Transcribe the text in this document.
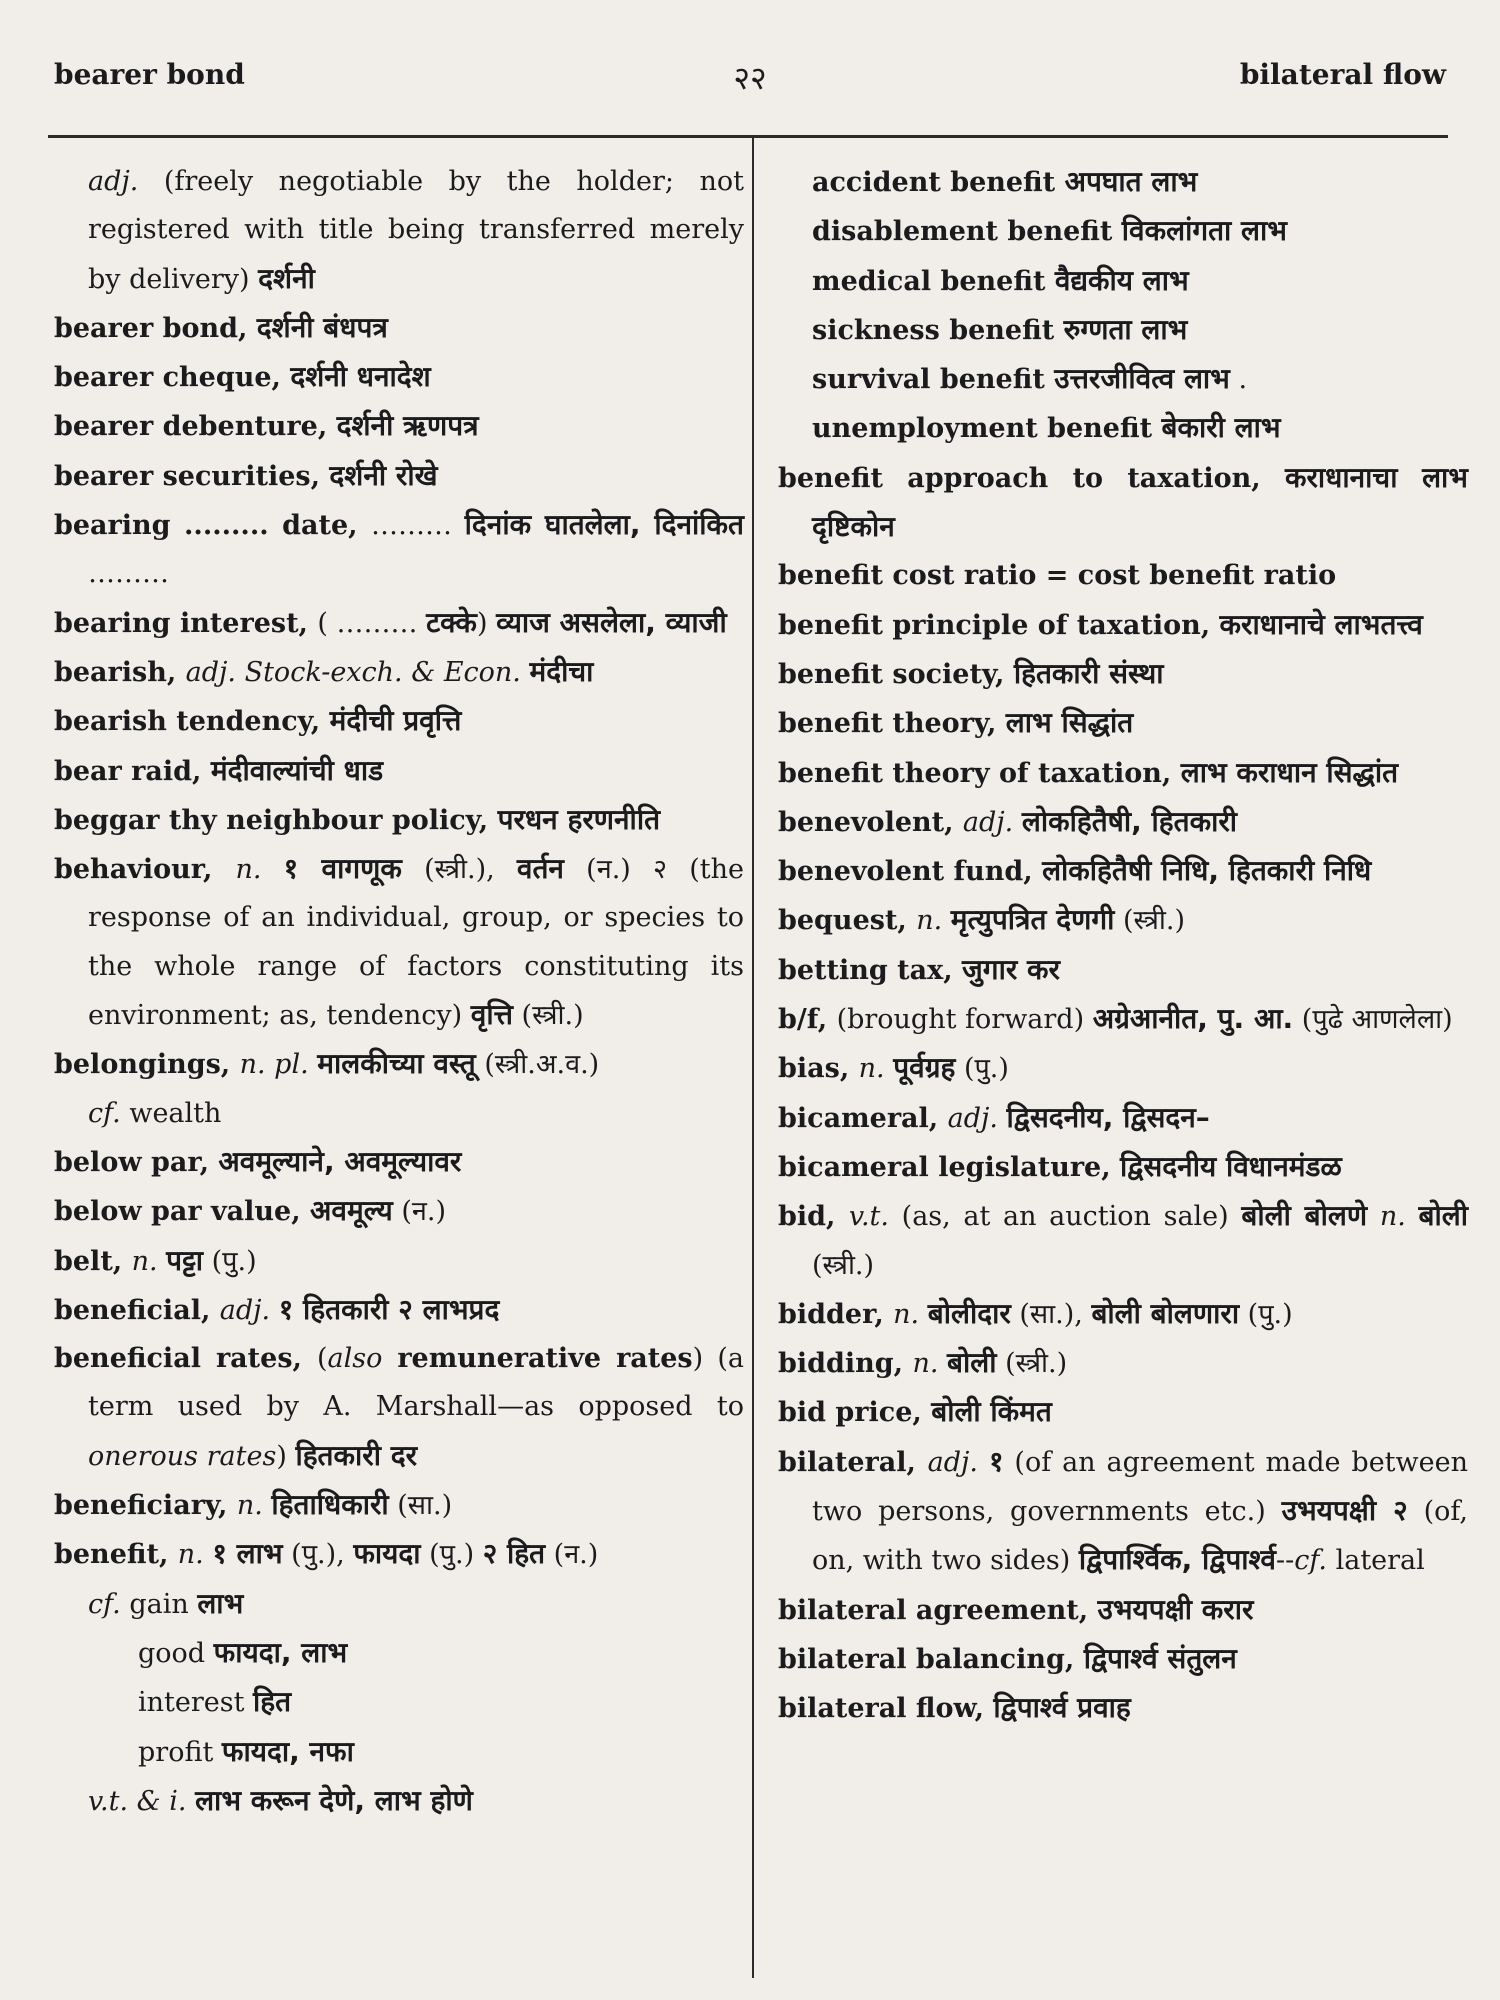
bearer bond	२२	bilateral flow

adj. (freely negotiable by the holder; not registered with title being transferred merely by delivery) दर्शनी

bearer bond, दर्शनी बंधपत्र

bearer cheque, दर्शनी धनादेश

bearer debenture, दर्शनी ऋणपत्र

bearer securities, दर्शनी रोखे

bearing ......... date, ……… दिनांक घातलेला, दिनांकित ………

bearing interest, ( ……… टक्के) व्याज असलेला, व्याजी

bearish, adj. Stock-exch. & Econ. मंदीचा

bearish tendency, मंदीची प्रवृत्ति

bear raid, मंदीवाल्यांची धाड

beggar thy neighbour policy, परधन हरणनीति

behaviour, n. १ वागणूक (स्त्री.), वर्तन (न.) २ (the response of an individual, group, or species to the whole range of factors constituting its environment; as, tendency) वृत्ति (स्त्री.)

belongings, n. pl. मालकीच्या वस्तू (स्त्री.अ.व.)

cf. wealth

below par, अवमूल्याने, अवमूल्यावर

below par value, अवमूल्य (न.)

belt, n. पट्टा (पु.)

beneficial, adj. १ हितकारी २ लाभप्रद

beneficial rates, (also remunerative rates) (a term used by A. Marshall—as opposed to onerous rates) हितकारी दर

beneficiary, n. हिताधिकारी (सा.)

benefit, n. १ लाभ (पु.), फायदा (पु.) २ हित (न.)

cf. gain लाभ

good फायदा, लाभ

interest हित

profit फायदा, नफा

v.t. & i. लाभ करून देणे, लाभ होणे

accident benefit अपघात लाभ

disablement benefit विकलांगता लाभ

medical benefit वैद्यकीय लाभ

sickness benefit रुग्णता लाभ

survival benefit उत्तरजीवित्व लाभ .

unemployment benefit बेकारी लाभ

benefit approach to taxation, कराधानाचा लाभ दृष्टिकोन

benefit cost ratio = cost benefit ratio

benefit principle of taxation, कराधानाचे लाभतत्त्व

benefit society, हितकारी संस्था

benefit theory, लाभ सिद्धांत

benefit theory of taxation, लाभ कराधान सिद्धांत

benevolent, adj. लोकहितैषी, हितकारी

benevolent fund, लोकहितैषी निधि, हितकारी निधि

bequest, n. मृत्युपत्रित देणगी (स्त्री.)

betting tax, जुगार कर

b/f, (brought forward) अग्रेआनीत, पु. आ. (पुढे आणलेला)

bias, n. पूर्वग्रह (पु.)

bicameral, adj. द्विसदनीय, द्विसदन–

bicameral legislature, द्विसदनीय विधानमंडळ

bid, v.t. (as, at an auction sale) बोली बोलणे n. बोली (स्त्री.)

bidder, n. बोलीदार (सा.), बोली बोलणारा (पु.)

bidding, n. बोली (स्त्री.)

bid price, बोली किंमत

bilateral, adj. १ (of an agreement made between two persons, governments etc.) उभयपक्षी २ (of, on, with two sides) द्विपार्श्विक, द्विपार्श्व--cf. lateral

bilateral agreement, उभयपक्षी करार

bilateral balancing, द्विपार्श्व संतुलन

bilateral flow, द्विपार्श्व प्रवाह
